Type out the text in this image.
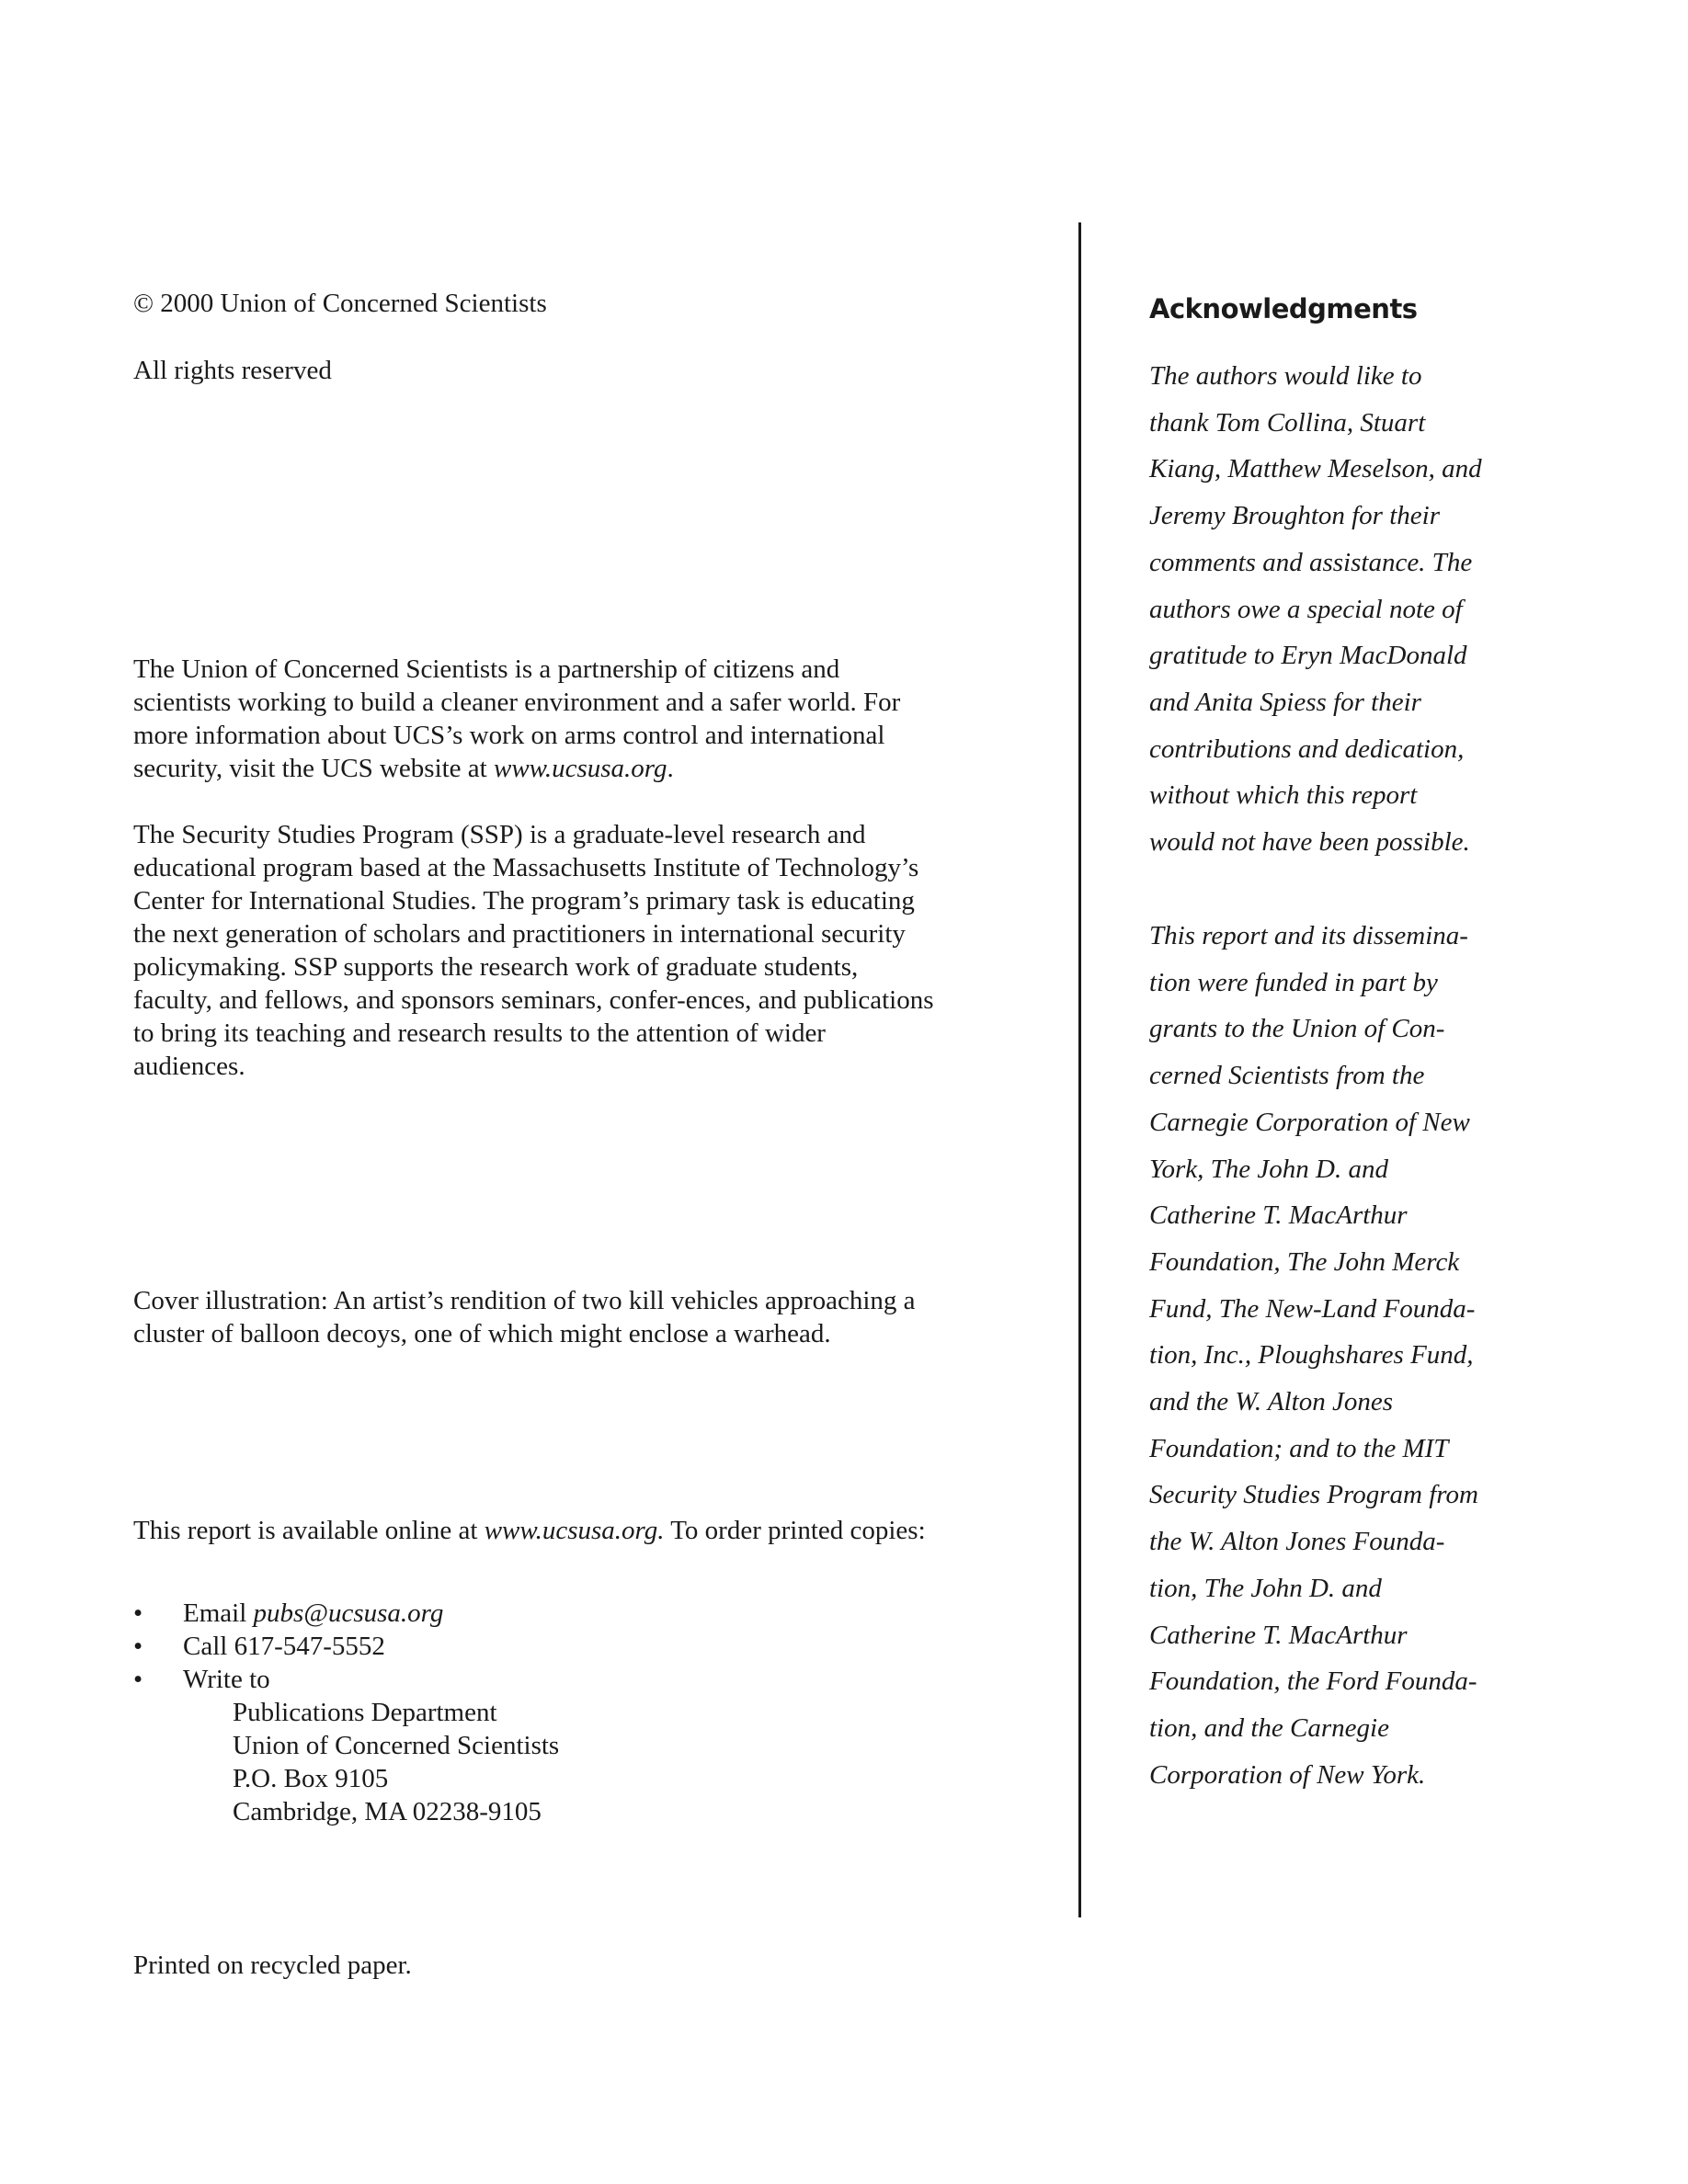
© 2000 Union of Concerned Scientists

All rights reserved

The Union of Concerned Scientists is a partnership of citizens and scientists working to build a cleaner environment and a safer world. For more information about UCS’s work on arms control and international security, visit the UCS website at www.ucsusa.org.

The Security Studies Program (SSP) is a graduate-level research and educational program based at the Massachusetts Institute of Technology’s Center for International Studies. The program’s primary task is educating the next generation of scholars and practitioners in international security policymaking. SSP supports the research work of graduate students, faculty, and fellows, and sponsors seminars, confer-ences, and publications to bring its teaching and research results to the attention of wider audiences.

Cover illustration: An artist’s rendition of two kill vehicles approaching a cluster of balloon decoys, one of which might enclose a warhead.

This report is available online at www.ucsusa.org. To order printed copies:

• Email pubs@ucsusa.org
• Call 617-547-5552
• Write to
Publications Department
Union of Concerned Scientists
P.O. Box 9105
Cambridge, MA 02238-9105

Printed on recycled paper.

Acknowledgments

The authors would like to
thank Tom Collina, Stuart
Kiang, Matthew Meselson, and
Jeremy Broughton for their
comments and assistance. The
authors owe a special note of
gratitude to Eryn MacDonald
and Anita Spiess for their
contributions and dedication,
without which this report
would not have been possible.

This report and its dissemina-
tion were funded in part by
grants to the Union of Con-
cerned Scientists from the
Carnegie Corporation of New
York, The John D. and
Catherine T. MacArthur
Foundation, The John Merck
Fund, The New-Land Founda-
tion, Inc., Ploughshares Fund,
and the W. Alton Jones
Foundation; and to the MIT
Security Studies Program from
the W. Alton Jones Founda-
tion, The John D. and
Catherine T. MacArthur
Foundation, the Ford Founda-
tion, and the Carnegie
Corporation of New York.
